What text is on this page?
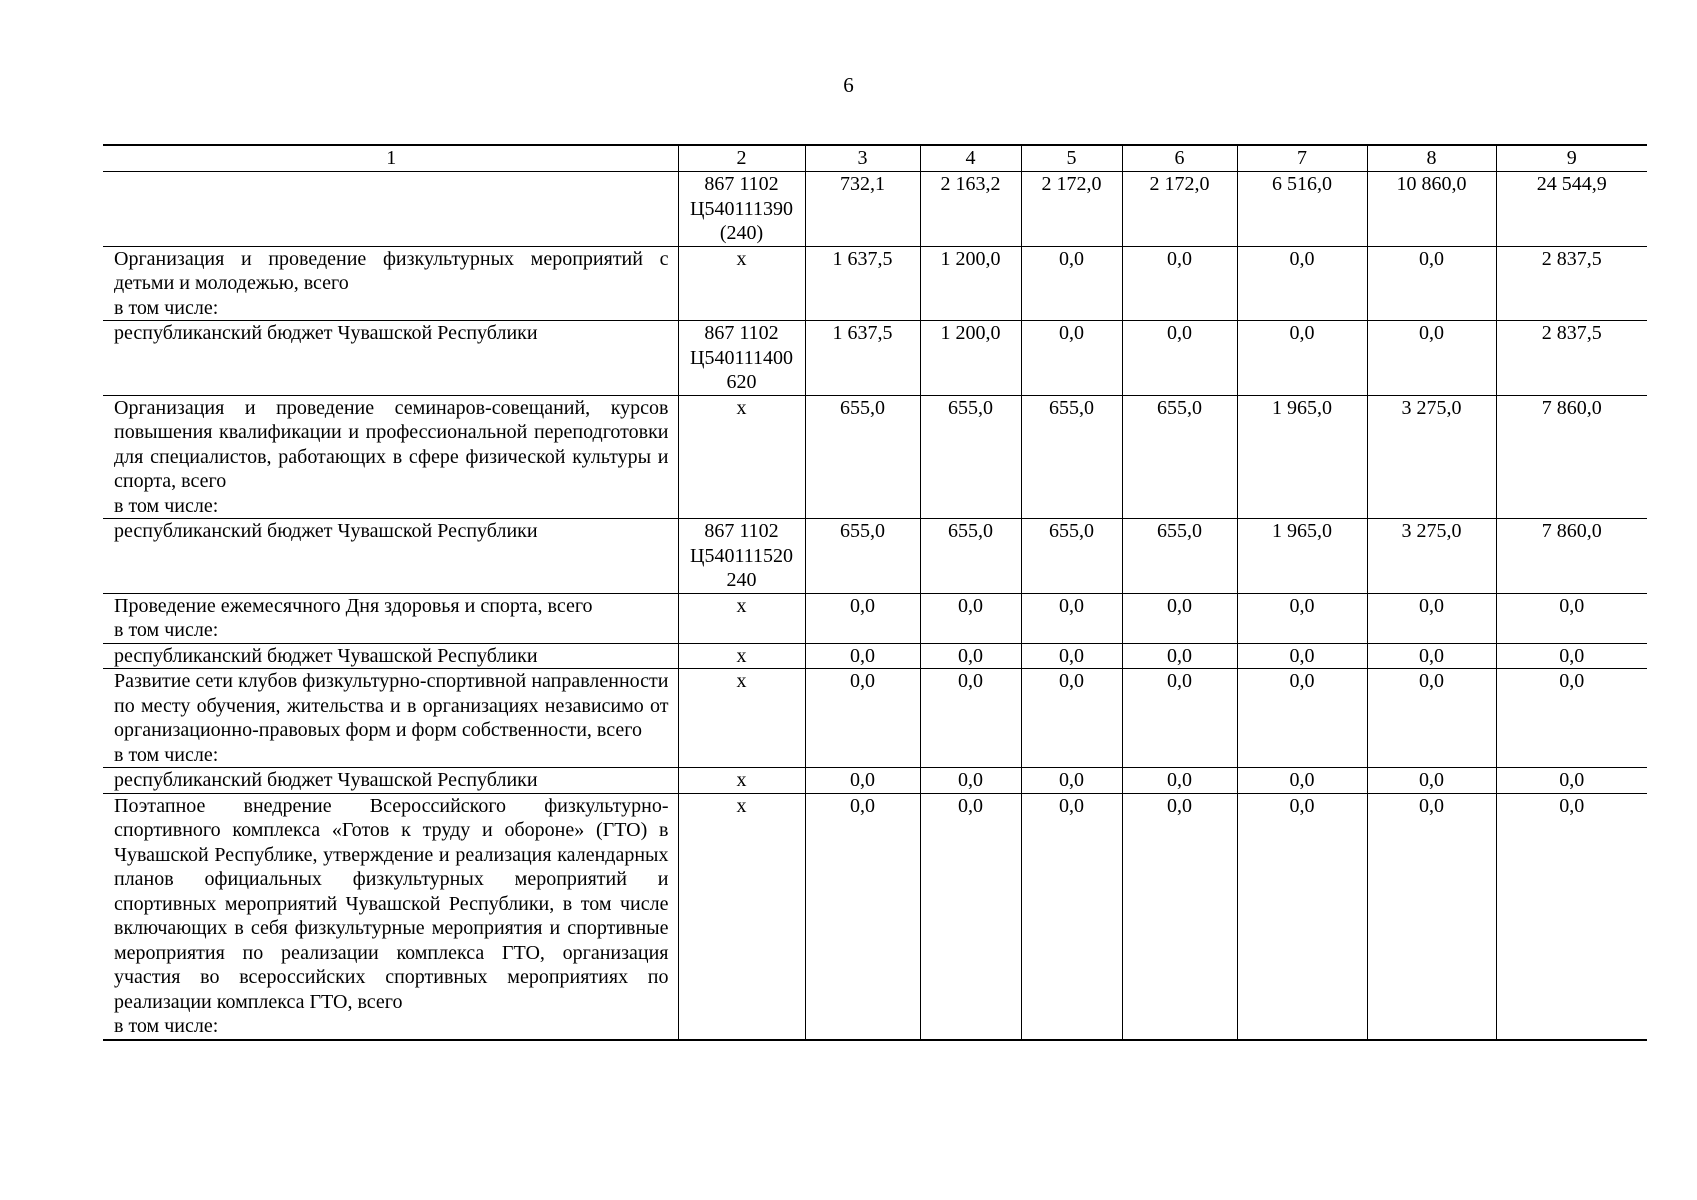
6
1	2	3	4	5	6	7	8	9

	867 1102
Ц540111390
(240)	732,1	2 163,2	2 172,0	2 172,0	6 516,0	10 860,0	24 544,9

Организация и проведение физкультурных мероприятий с детьми и молодежью, всего
в том числе:	х	1 637,5	1 200,0	0,0	0,0	0,0	0,0	2 837,5

республиканский бюджет Чувашской Республики	867 1102
Ц540111400
620	1 637,5	1 200,0	0,0	0,0	0,0	0,0	2 837,5

Организация и проведение семинаров-совещаний, курсов повышения квалификации и профессиональной переподготовки для специалистов, работающих в сфере физической культуры и спорта, всего
в том числе:	х	655,0	655,0	655,0	655,0	1 965,0	3 275,0	7 860,0

республиканский бюджет Чувашской Республики	867 1102
Ц540111520
240	655,0	655,0	655,0	655,0	1 965,0	3 275,0	7 860,0

Проведение ежемесячного Дня здоровья и спорта, всего
в том числе:	х	0,0	0,0	0,0	0,0	0,0	0,0	0,0

республиканский бюджет Чувашской Республики	х	0,0	0,0	0,0	0,0	0,0	0,0	0,0

Развитие сети клубов физкультурно-спортивной направленности по месту обучения, жительства и в организациях независимо от организационно-правовых форм и форм собственности, всего
в том числе:	х	0,0	0,0	0,0	0,0	0,0	0,0	0,0

республиканский бюджет Чувашской Республики	х	0,0	0,0	0,0	0,0	0,0	0,0	0,0

Поэтапное внедрение Всероссийского физкультурно-спортивного комплекса «Готов к труду и обороне» (ГТО) в Чувашской Республике, утверждение и реализация календарных планов официальных физкультурных мероприятий и спортивных мероприятий Чувашской Республики, в том числе включающих в себя физкультурные мероприятия и спортивные мероприятия по реализации комплекса ГТО, организация участия во всероссийских спортивных мероприятиях по реализации комплекса ГТО, всего
в том числе:	х	0,0	0,0	0,0	0,0	0,0	0,0	0,0
